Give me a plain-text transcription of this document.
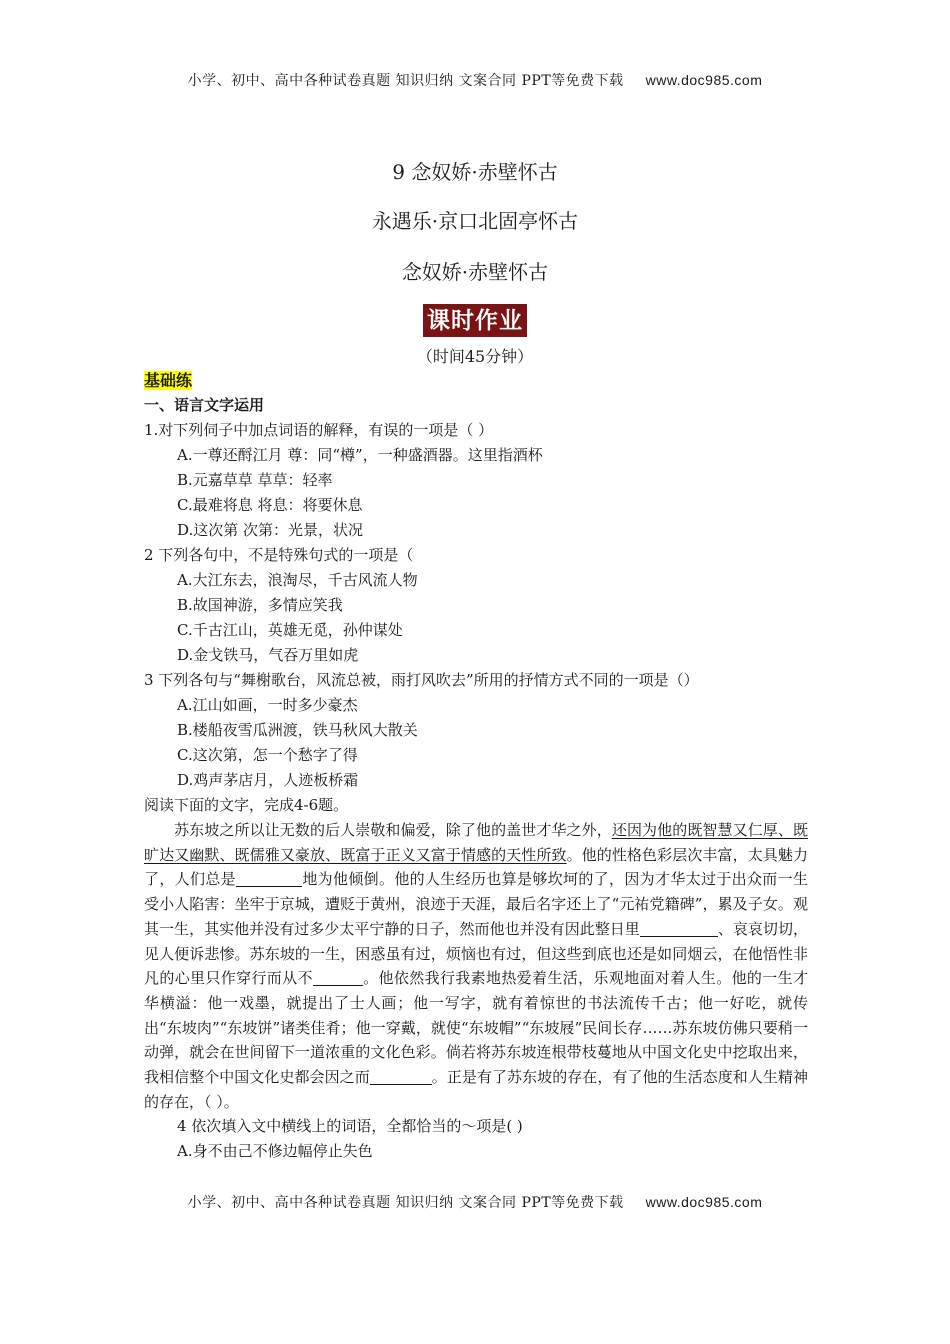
小学、初中、高中各种试卷真题 知识归纳 文案合同 PPT等免费下载 www.doc985.com
9 念奴娇·赤壁怀古
永遇乐·京口北固亭怀古
念奴娇·赤壁怀古
课时作业
（时间45分钟）
基础练
一、语言文字运用
1.对下列伺子中加点词语的解释，有误的一项是（ ）
A.一尊还酹江月 尊：同“樽”，一种盛酒器。这里指酒杯
B.元嘉草草 草草：轻率
C.最难将息 将息：将要休息
D.这次第 次第：光景，状况
2 下列各句中，不是特殊句式的一项是（
A.大江东去，浪淘尽，千古风流人物
B.故国神游，多情应笑我
C.千古江山，英雄无觅，孙仲谋处
D.金戈铁马，气吞万里如虎
3 下列各句与“舞榭歌台，风流总被，雨打风吹去”所用的抒情方式不同的一项是（）
A.江山如画，一时多少豪杰
B.楼船夜雪瓜洲渡，铁马秋风大散关
C.这次第，怎一个愁字了得
D.鸡声茅店月，人迹板桥霜
阅读下面的文字，完成4-6题。
苏东坡之所以让无数的后人崇敬和偏爱，除了他的盖世才华之外，还因为他的既智慧又仁厚、既旷达又幽默、既儒雅又豪放、既富于正义又富于情感的天性所致。他的性格色彩层次丰富，太具魅力了，人们总是	地为他倾倒。他的人生经历也算是够坎坷的了，因为才华太过于出众而一生受小人陷害：坐牢于京城，遭贬于黄州，浪迹于天涯，最后名字还上了“元祐党籍碑”，累及子女。观其一生，其实他并没有过多少太平宁静的日子，然而他也并没有因此整日里	、哀哀切切，见人便诉悲惨。苏东坡的一生，困惑虽有过，烦恼也有过，但这些到底也还是如同烟云，在他悟性非凡的心里只作穿行而从不	。他依然我行我素地热爱着生活，乐观地面对着人生。他的一生才华横溢：他一戏墨，就提出了士人画；他一写字，就有着惊世的书法流传千古；他一好吃，就传出“东坡肉”“东坡饼”诸类佳肴；他一穿戴，就使“东坡帽”“东坡屐”民间长存……苏东坡仿佛只要稍一动弹，就会在世间留下一道浓重的文化色彩。倘若将苏东坡连根带枝蔓地从中国文化史中挖取出来，我相信整个中国文化史都会因之而	。正是有了苏东坡的存在，有了他的生活态度和人生精神的存在，（ ）。
4 依次填入文中横线上的词语，全都恰当的～项是( )
A.身不由己不修边幅停止失色
小学、初中、高中各种试卷真题 知识归纳 文案合同 PPT等免费下载 www.doc985.com
